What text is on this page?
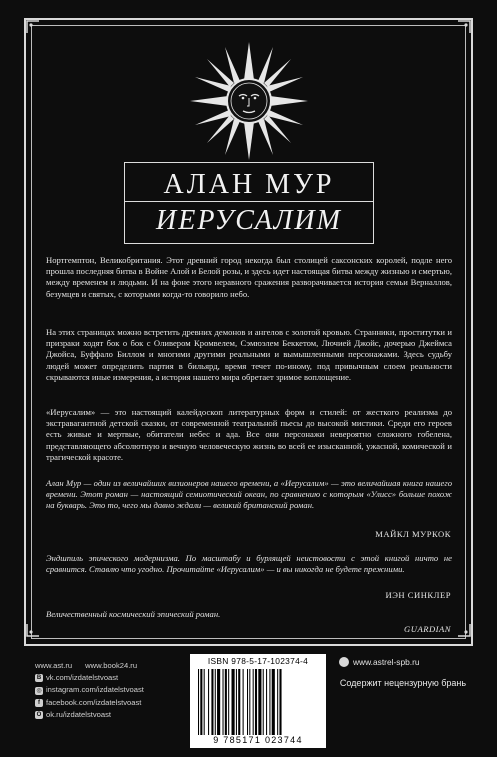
АЛАН МУР
ИЕРУСАЛИМ
Нортгемптон, Великобритания. Этот древний город некогда был столицей саксонских королей, подле него прошла последняя битва в Войне Алой и Белой розы, и здесь идет настоящая битва между жизнью и смертью, между временем и людьми. И на фоне этого неравного сражения разворачивается история семьи Верналлов, безумцев и святых, с которыми когда-то говорило небо.
На этих страницах можно встретить древних демонов и ангелов с золотой кровью. Странники, проститутки и призраки ходят бок о бок с Оливером Кромвелем, Сэмюэлем Беккетом, Лючией Джойс, дочерью Джеймса Джойса, Буффало Биллом и многими другими реальными и вымышленными персонажами. Здесь судьбу людей может определить партия в бильярд, время течет по-иному, под привычным слоем реальности скрываются иные измерения, а история нашего мира обретает зримое воплощение.
«Иерусалим» — это настоящий калейдоскоп литературных форм и стилей: от жесткого реализма до экстравагантной детской сказки, от современной театральной пьесы до высокой мистики. Среди его героев есть живые и мертвые, обитатели небес и ада. Все они персонажи невероятно сложного гобелена, представляющего абсолютную и вечную человеческую жизнь во всей ее изысканной, ужасной, комической и трагической красоте.
Алан Мур — один из величайших визионеров нашего времени, а «Иерусалим» — это величайшая книга нашего времени. Этот роман — настоящий семиотический океан, по сравнению с которым «Улисс» больше похож на букварь. Это то, чего мы давно ждали — великий британский роман.
МАЙКЛ МУРКОК
Эндшпиль эпического модернизма. По масштабу и бурлящей неистовости с этой книгой ничто не сравнится. Ставлю что угодно. Прочитайте «Иерусалим» — и вы никогда не будете прежними.
ИЭН СИНКЛЕР
Величественный космический эпический роман.
GUARDIAN
www.ast.ru www.book24.ru
В vk.com/izdatelstvoast
◎ instagram.com/izdatelstvoast
f facebook.com/izdatelstvoast
О ok.ru/izdatelstvoast
ISBN 978-5-17-102374-4
9 785171 023744
www.astrel-spb.ru
Содержит нецензурную брань
